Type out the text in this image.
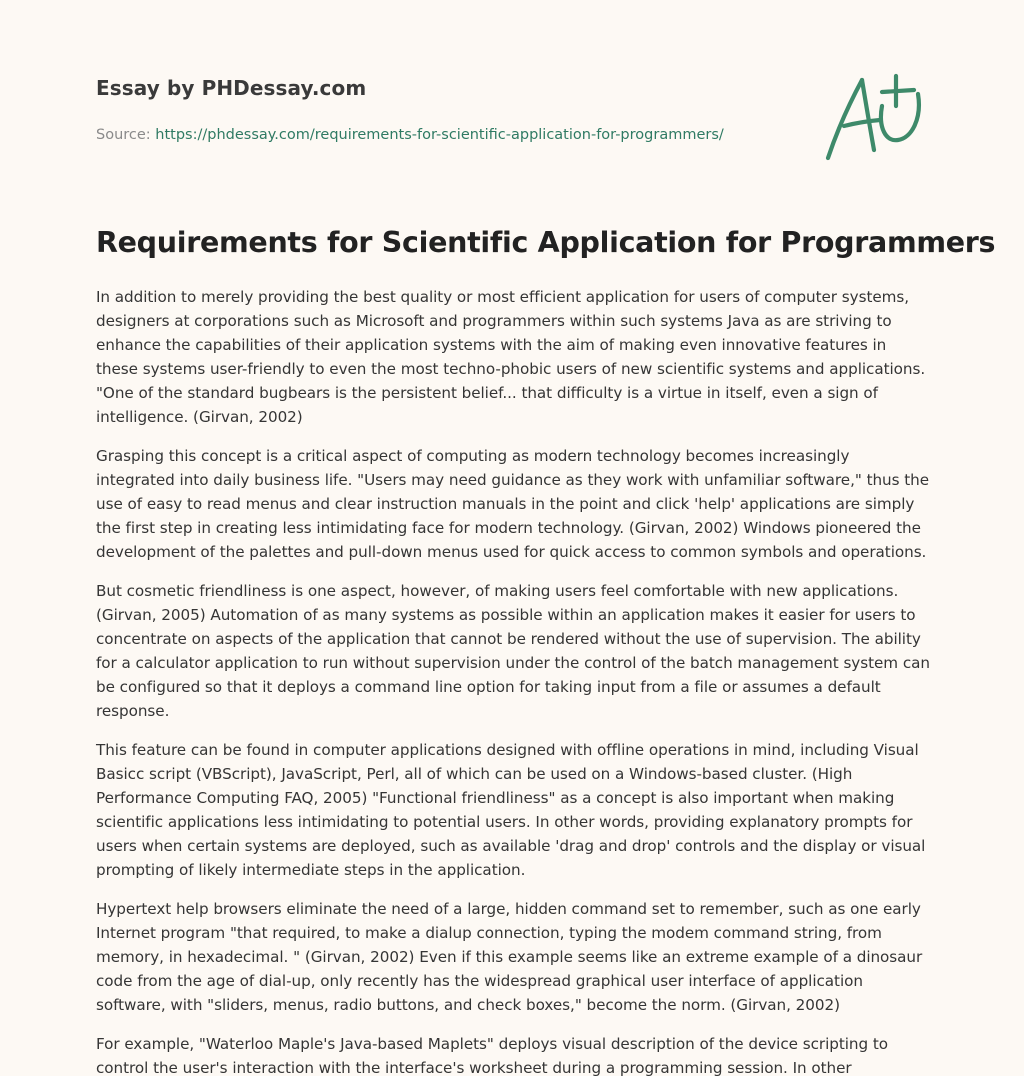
Essay by PHDessay.com
Source: https://phdessay.com/requirements-for-scientific-application-for-programmers/
Requirements for Scientific Application for Programmers

In addition to merely providing the best quality or most efficient application for users of computer systems, designers at corporations such as Microsoft and programmers within such systems Java as are striving to enhance the capabilities of their application systems with the aim of making even innovative features in these systems user-friendly to even the most techno-phobic users of new scientific systems and applications. "One of the standard bugbears is the persistent belief... that difficulty is a virtue in itself, even a sign of intelligence. (Girvan, 2002)

Grasping this concept is a critical aspect of computing as modern technology becomes increasingly integrated into daily business life. "Users may need guidance as they work with unfamiliar software," thus the use of easy to read menus and clear instruction manuals in the point and click 'help' applications are simply the first step in creating less intimidating face for modern technology. (Girvan, 2002) Windows pioneered the development of the palettes and pull-down menus used for quick access to common symbols and operations.

But cosmetic friendliness is one aspect, however, of making users feel comfortable with new applications. (Girvan, 2005) Automation of as many systems as possible within an application makes it easier for users to concentrate on aspects of the application that cannot be rendered without the use of supervision. The ability for a calculator application to run without supervision under the control of the batch management system can be configured so that it deploys a command line option for taking input from a file or assumes a default response.

This feature can be found in computer applications designed with offline operations in mind, including Visual Basicc script (VBScript), JavaScript, Perl, all of which can be used on a Windows-based cluster. (High Performance Computing FAQ, 2005) "Functional friendliness" as a concept is also important when making scientific applications less intimidating to potential users. In other words, providing explanatory prompts for users when certain systems are deployed, such as available 'drag and drop' controls and the display or visual prompting of likely intermediate steps in the application.

Hypertext help browsers eliminate the need of a large, hidden command set to remember, such as one early Internet program "that required, to make a dialup connection, typing the modem command string, from memory, in hexadecimal. " (Girvan, 2002) Even if this example seems like an extreme example of a dinosaur code from the age of dial-up, only recently has the widespread graphical user interface of application software, with "sliders, menus, radio buttons, and check boxes," become the norm. (Girvan, 2002)

For example, "Waterloo Maple's Java-based Maplets" deploys visual description of the device scripting to control the user's interaction with the interface's worksheet during a programming session. In other
